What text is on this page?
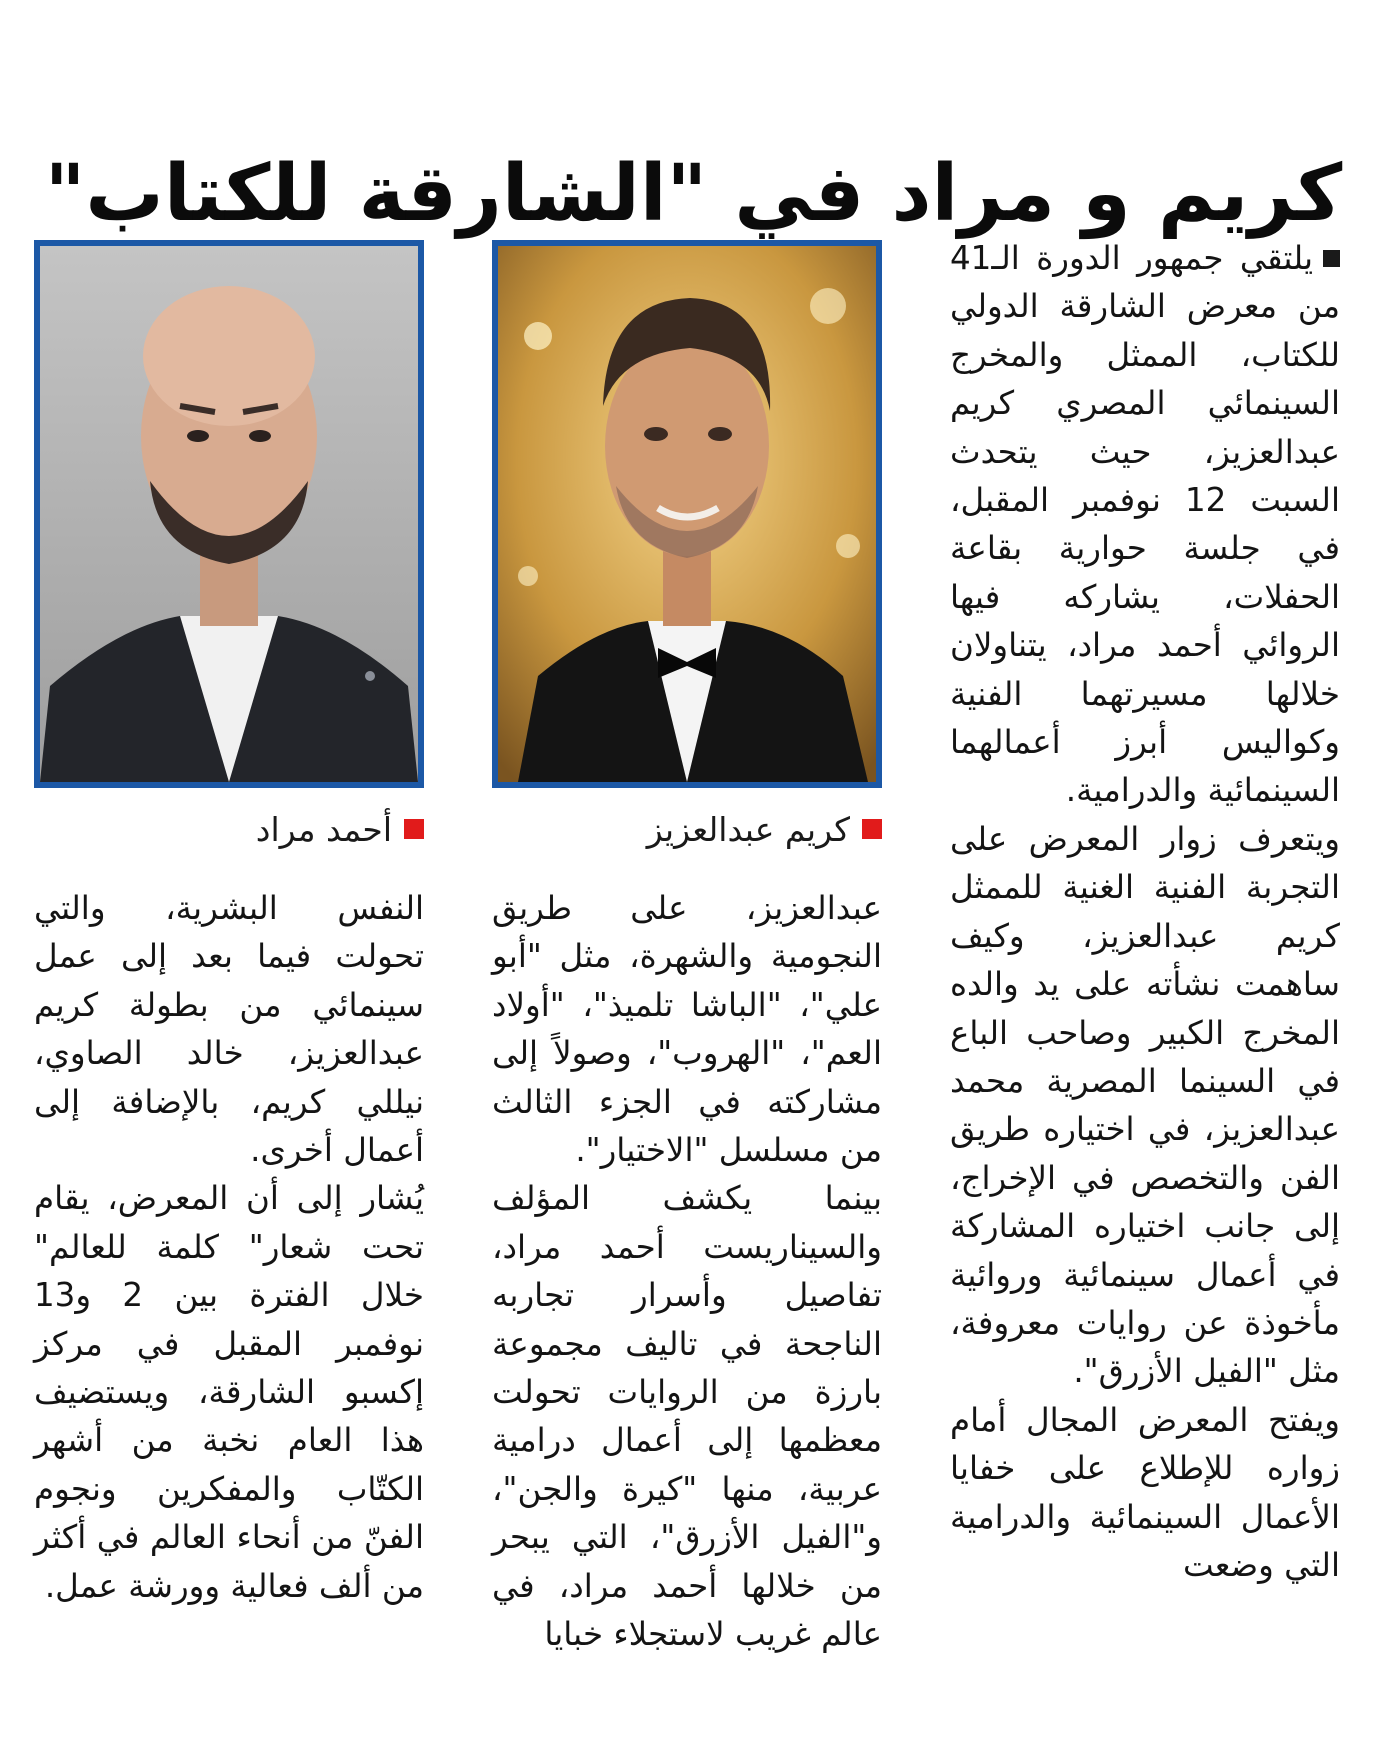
كريم و مراد في "الشارقة للكتاب"

يلتقي جمهور الدورة الـ41 من معرض الشارقة الدولي للكتاب، الممثل والمخرج السينمائي المصري كريم عبدالعزيز، حيث يتحدث السبت 12 نوفمبر المقبل، في جلسة حوارية بقاعة الحفلات، يشاركه فيها الروائي أحمد مراد، يتناولان خلالها مسيرتهما الفنية وكواليس أبرز أعمالهما السينمائية والدرامية.

ويتعرف زوار المعرض على التجربة الفنية الغنية للممثل كريم عبدالعزيز، وكيف ساهمت نشأته على يد والده المخرج الكبير وصاحب الباع في السينما المصرية محمد عبدالعزيز، في اختياره طريق الفن والتخصص في الإخراج، إلى جانب اختياره المشاركة في أعمال سينمائية وروائية مأخوذة عن روايات معروفة، مثل "الفيل الأزرق".

ويفتح المعرض المجال أمام زواره للإطلاع على خفايا الأعمال السينمائية والدرامية التي وضعت

كريم عبدالعزيز

عبدالعزيز، على طريق النجومية والشهرة، مثل "أبو علي"، "الباشا تلميذ"، "أولاد العم"، "الهروب"، وصولاً إلى مشاركته في الجزء الثالث من مسلسل "الاختيار".

بينما يكشف المؤلف والسيناريست أحمد مراد، تفاصيل وأسرار تجاربه الناجحة في تاليف مجموعة بارزة من الروايات تحولت معظمها إلى أعمال درامية عربية، منها "كيرة والجن"، و"الفيل الأزرق"، التي يبحر من خلالها أحمد مراد، في عالم غريب لاستجلاء خبايا

أحمد مراد

النفس البشرية، والتي تحولت فيما بعد إلى عمل سينمائي من بطولة كريم عبدالعزيز، خالد الصاوي، نيللي كريم، بالإضافة إلى أعمال أخرى.

يُشار إلى أن المعرض، يقام تحت شعار" كلمة للعالم" خلال الفترة بين 2 و13 نوفمبر المقبل في مركز إكسبو الشارقة، ويستضيف هذا العام نخبة من أشهر الكتّاب والمفكرين ونجوم الفنّ من أنحاء العالم في أكثر من ألف فعالية وورشة عمل.
